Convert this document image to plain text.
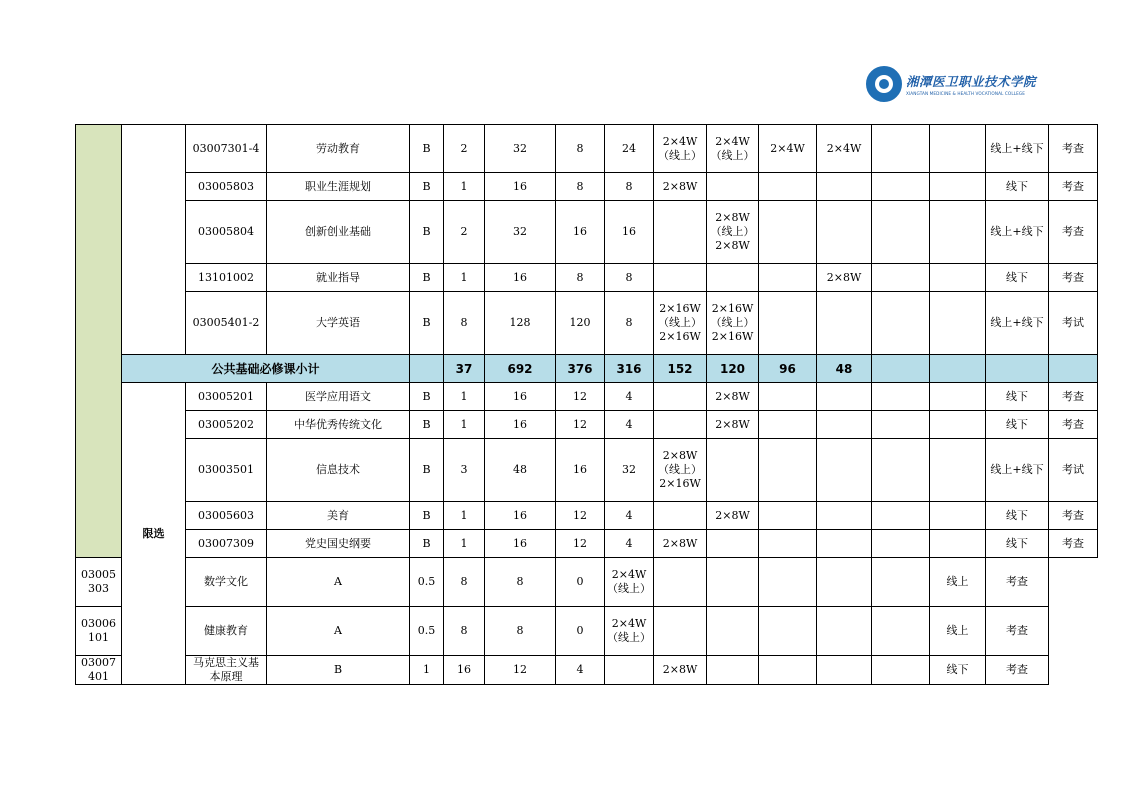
湘潭医卫职业技术学院
XIANGTAN MEDICINE & HEALTH VOCATIONAL COLLEGE
		03007301-4	劳动教育	B	2	32	8	24	2×4W（线上）	2×4W（线上）	2×4W	2×4W			线上+线下	考查
		03005803	职业生涯规划	B	1	16	8	8	2×8W						线下	考查
		03005804	创新创业基础	B	2	32	16	16		2×8W（线上）2×8W					线上+线下	考查
		13101002	就业指导	B	1	16	8	8				2×8W			线下	考查
		03005401-2	大学英语	B	8	128	120	8	2×16W（线上）2×16W	2×16W（线上）2×16W					线上+线下	考试
	公共基础必修课小计				37	692	376	316	152	120	96	48				
	限选	03005201	医学应用语文	B	1	16	12	4		2×8W					线下	考查
		03005202	中华优秀传统文化	B	1	16	12	4		2×8W					线下	考查
		03003501	信息技术	B	3	48	16	32	2×8W（线上） 2×16W						线上+线下	考试
		03005603	美育	B	1	16	12	4		2×8W					线下	考查
		03007309	党史国史纲要	B	1	16	12	4	2×8W						线下	考查
03005303		数学文化	A	0.5	8	8	0	2×4W（线上）						线上	考查	
03006101		健康教育	A	0.5	8	8	0	2×4W（线上）						线上	考查	
03007401		马克思主义基本原理	B	1	16	12	4		2×8W					线下	考查	
